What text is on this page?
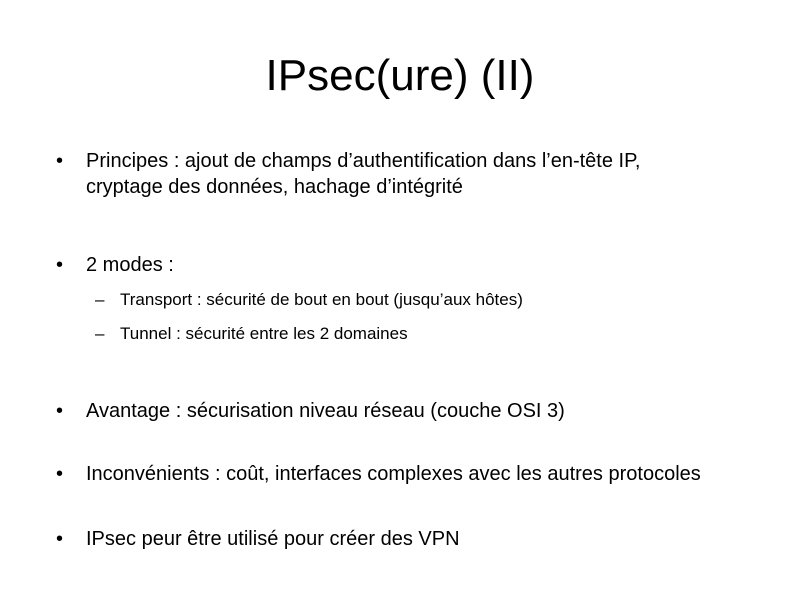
IPsec(ure) (II)
•	Principes : ajout de champs d’authentification dans l’en-tête IP,
cryptage des données, hachage d’intégrité
•	2 modes :
– Transport : sécurité de bout en bout (jusqu’aux hôtes)
– Tunnel : sécurité entre les 2 domaines
•	Avantage : sécurisation niveau réseau (couche OSI 3)
•	Inconvénients : coût, interfaces complexes avec les autres protocoles
•	IPsec peur être utilisé pour créer des VPN
